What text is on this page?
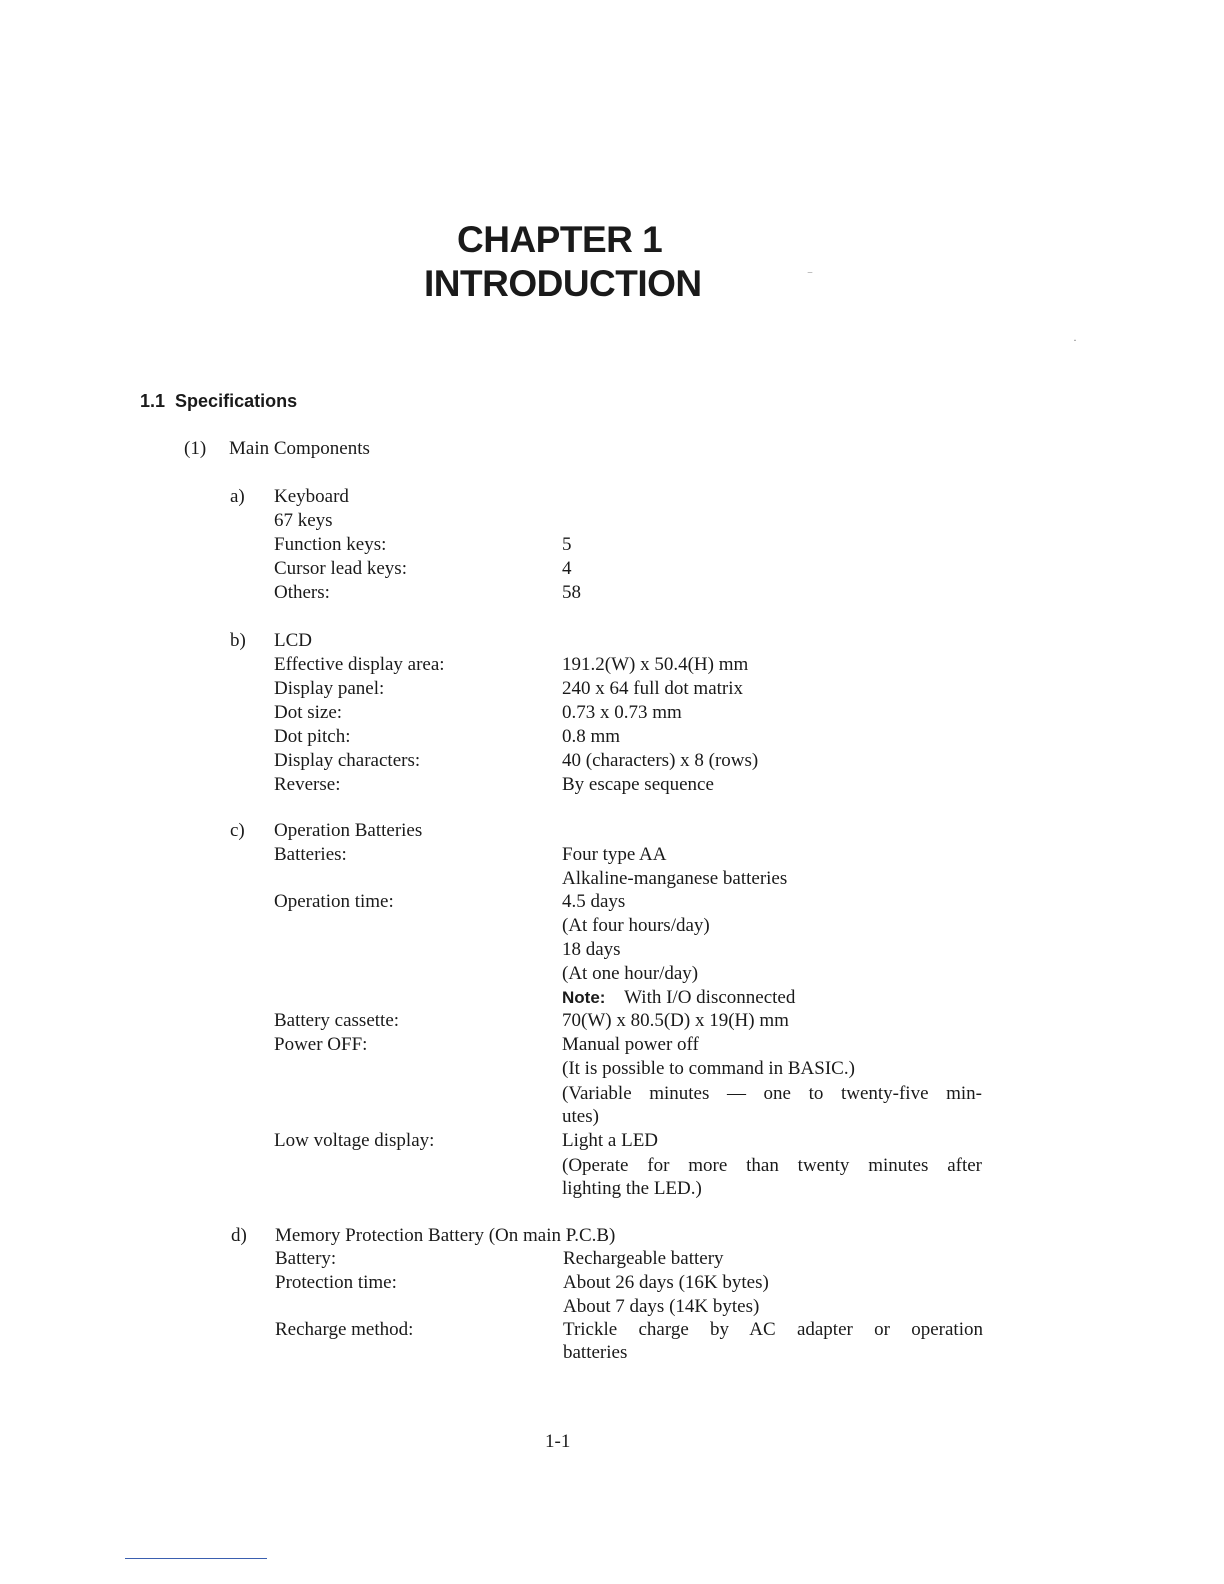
CHAPTER 1
INTRODUCTION	‾
·
1.1 Specifications
(1) Main Components
a) Keyboard
67 keys
Function keys:	5
Cursor lead keys:	4
Others:	58
b) LCD
Effective display area:	191.2(W) x 50.4(H) mm
Display panel:	240 x 64 full dot matrix
Dot size:	0.73 x 0.73 mm
Dot pitch:	0.8 mm
Display characters:	40 (characters) x 8 (rows)
Reverse:	By escape sequence
c) Operation Batteries
Batteries:	Four type AA
Alkaline-manganese batteries
Operation time:	4.5 days
(At four hours/day)
18 days
(At one hour/day)
Note: With I/O disconnected
Battery cassette:	70(W) x 80.5(D) x 19(H) mm
Power OFF:	Manual power off
(It is possible to command in BASIC.)
(Variable minutes — one to twenty-five min-
utes)
Low voltage display:	Light a LED
(Operate for more than twenty minutes after
lighting the LED.)
d) Memory Protection Battery (On main P.C.B)
Battery:	Rechargeable battery
Protection time:	About 26 days (16K bytes)
About 7 days (14K bytes)
Recharge method:	Trickle charge by AC adapter or operation
batteries
1-1
